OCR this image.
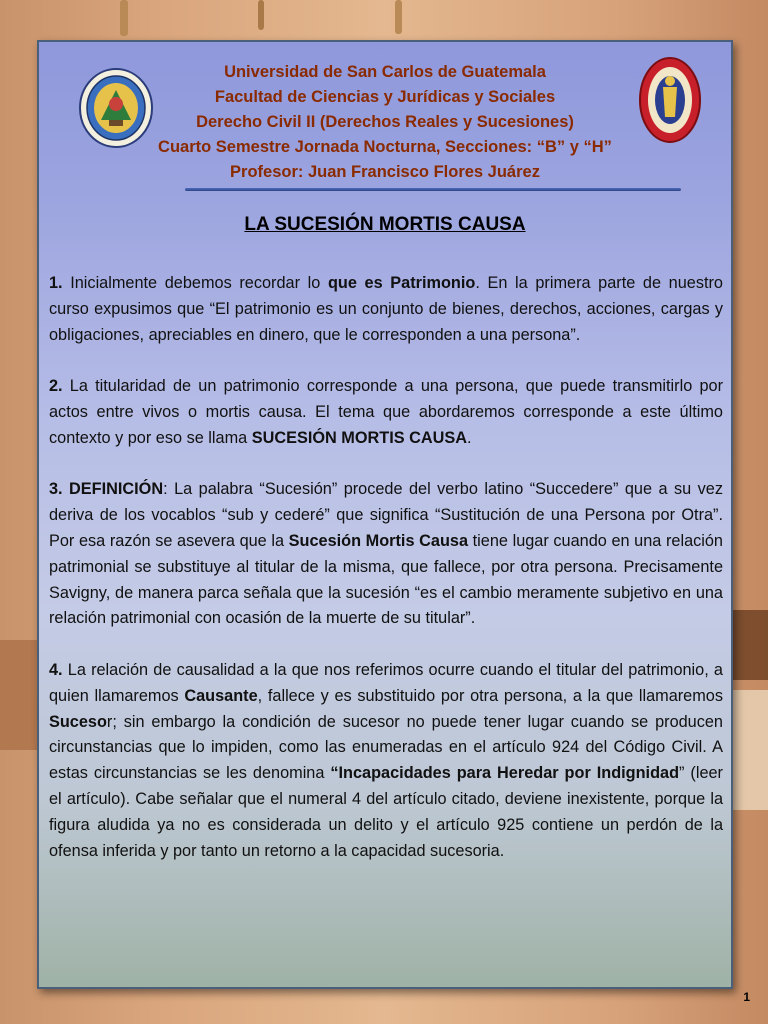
Universidad de San Carlos de Guatemala
Facultad de Ciencias y Jurídicas y Sociales
Derecho Civil II (Derechos Reales y Sucesiones)
Cuarto Semestre Jornada Nocturna, Secciones: “B” y “H”
Profesor: Juan Francisco Flores Juárez
LA SUCESIÓN MORTIS CAUSA

1. Inicialmente debemos recordar lo que es Patrimonio. En la primera parte de nuestro curso expusimos que “El patrimonio es un conjunto de bienes, derechos, acciones, cargas y obligaciones, apreciables en dinero, que le corresponden a una persona”.

2. La titularidad de un patrimonio corresponde a una persona, que puede transmitirlo por actos entre vivos o mortis causa. El tema que abordaremos corresponde a este último contexto y por eso se llama SUCESIÓN MORTIS CAUSA.

3. DEFINICIÓN: La palabra “Sucesión” procede del verbo latino “Succedere” que a su vez deriva de los vocablos “sub y cederé” que significa “Sustitución de una Persona por Otra”. Por esa razón se asevera que la Sucesión Mortis Causa tiene lugar cuando en una relación patrimonial se substituye al titular de la misma, que fallece, por otra persona. Precisamente Savigny, de manera parca señala que la sucesión “es el cambio meramente subjetivo en una relación patrimonial con ocasión de la muerte de su titular”.

4. La relación de causalidad a la que nos referimos ocurre cuando el titular del patrimonio, a quien llamaremos Causante, fallece y es substituido por otra persona, a la que llamaremos Sucesor; sin embargo la condición de sucesor no puede tener lugar cuando se producen circunstancias que lo impiden, como las enumeradas en el artículo 924 del Código Civil. A estas circunstancias se les denomina “Incapacidades para Heredar por Indignidad” (leer el artículo). Cabe señalar que el numeral 4 del artículo citado, deviene inexistente, porque la figura aludida ya no es considerada un delito y el artículo 925 contiene un perdón de la ofensa inferida y por tanto un retorno a la capacidad sucesoria.

1
